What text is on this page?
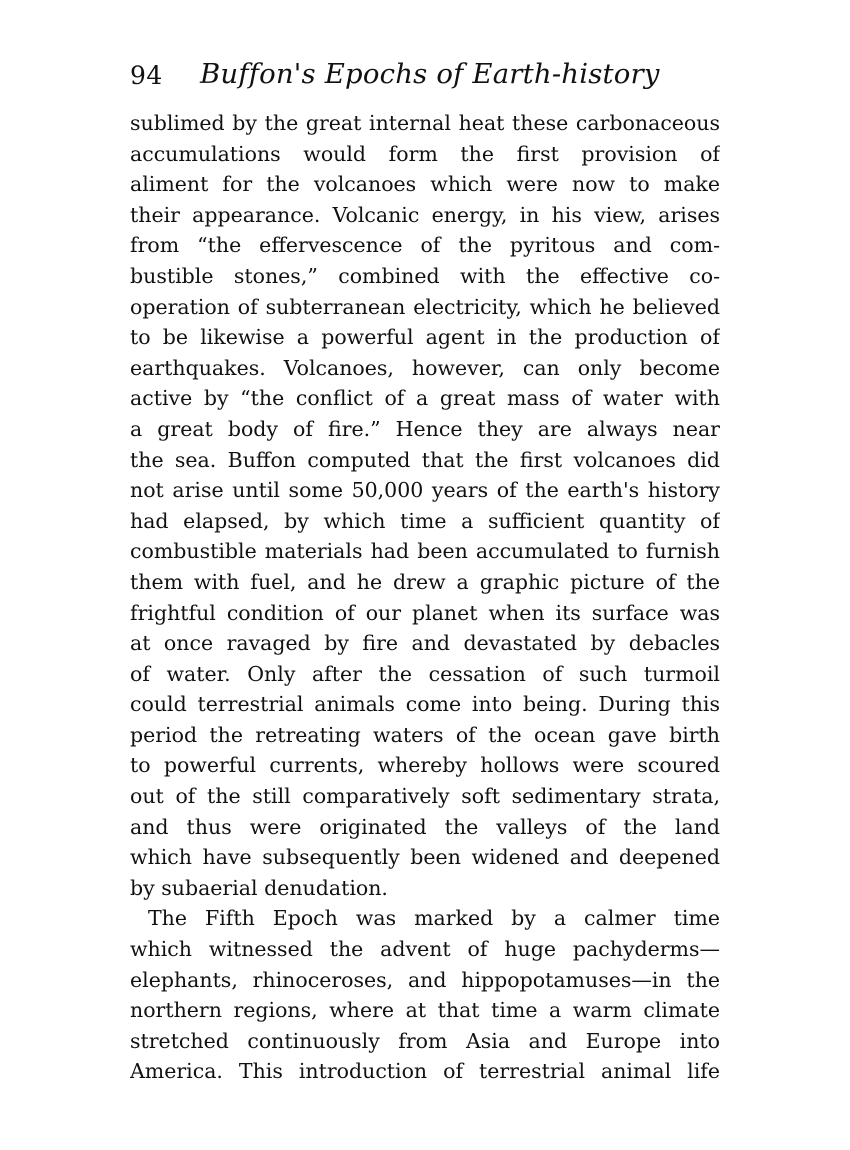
94 Buffon's Epochs of Earth-history
sublimed by the great internal heat these carbonaceous
accumulations would form the first provision of
aliment for the volcanoes which were now to make
their appearance. Volcanic energy, in his view, arises
from “the effervescence of the pyritous and com-
bustible stones,” combined with the effective co-
operation of subterranean electricity, which he believed
to be likewise a powerful agent in the production of
earthquakes. Volcanoes, however, can only become
active by “the conflict of a great mass of water with
a great body of fire.” Hence they are always near
the sea. Buffon computed that the first volcanoes did
not arise until some 50,000 years of the earth's history
had elapsed, by which time a sufficient quantity of
combustible materials had been accumulated to furnish
them with fuel, and he drew a graphic picture of the
frightful condition of our planet when its surface was
at once ravaged by fire and devastated by debacles
of water. Only after the cessation of such turmoil
could terrestrial animals come into being. During this
period the retreating waters of the ocean gave birth
to powerful currents, whereby hollows were scoured
out of the still comparatively soft sedimentary strata,
and thus were originated the valleys of the land
which have subsequently been widened and deepened
by subaerial denudation.
The Fifth Epoch was marked by a calmer time
which witnessed the advent of huge pachyderms—
elephants, rhinoceroses, and hippopotamuses—in the
northern regions, where at that time a warm climate
stretched continuously from Asia and Europe into
America. This introduction of terrestrial animal life
